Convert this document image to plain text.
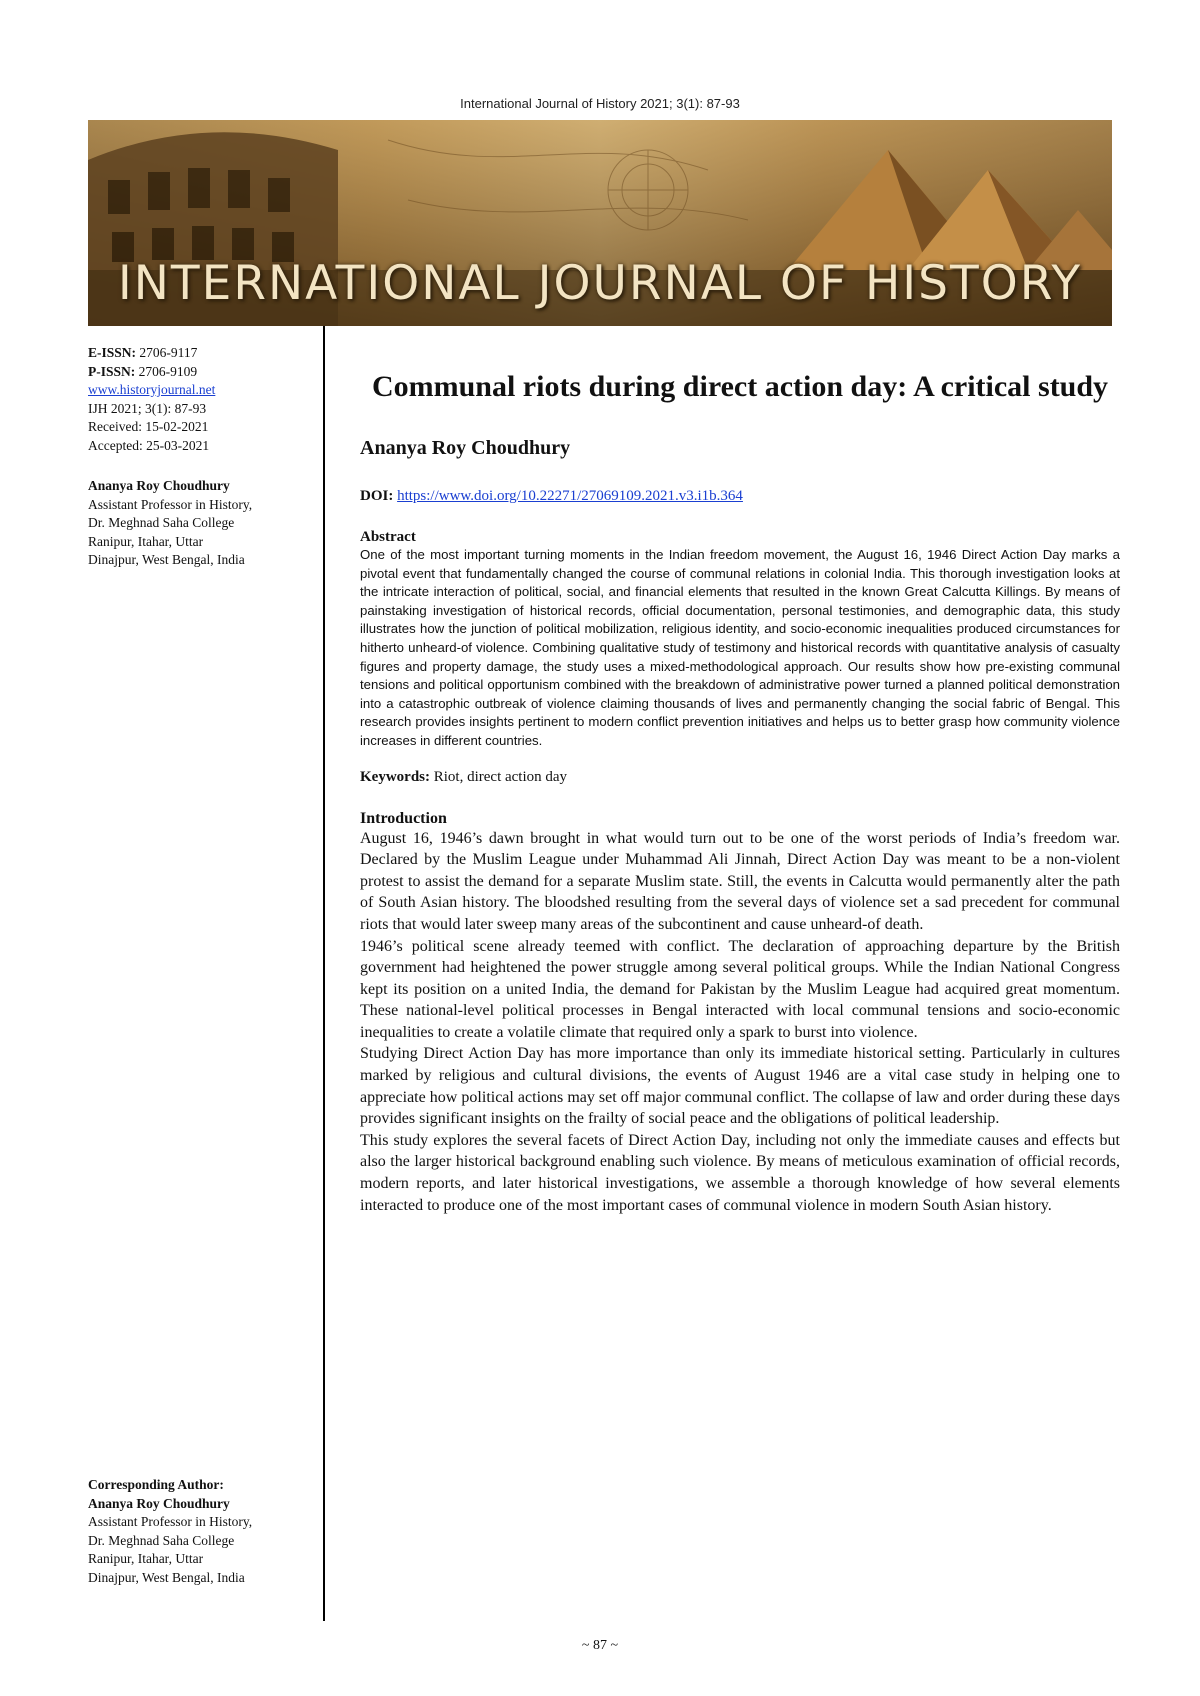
International Journal of History 2021; 3(1): 87-93
INTERNATIONAL JOURNAL OF HISTORY
E-ISSN: 2706-9117
P-ISSN: 2706-9109
www.historyjournal.net
IJH 2021; 3(1): 87-93
Received: 15-02-2021
Accepted: 25-03-2021
Ananya Roy Choudhury
Assistant Professor in History,
Dr. Meghnad Saha College
Ranipur, Itahar, Uttar
Dinajpur, West Bengal, India
Corresponding Author:
Ananya Roy Choudhury
Assistant Professor in History,
Dr. Meghnad Saha College
Ranipur, Itahar, Uttar
Dinajpur, West Bengal, India
Communal riots during direct action day: A critical study
Ananya Roy Choudhury
DOI: https://www.doi.org/10.22271/27069109.2021.v3.i1b.364
Abstract

One of the most important turning moments in the Indian freedom movement, the August 16, 1946 Direct Action Day marks a pivotal event that fundamentally changed the course of communal relations in colonial India. This thorough investigation looks at the intricate interaction of political, social, and financial elements that resulted in the known Great Calcutta Killings. By means of painstaking investigation of historical records, official documentation, personal testimonies, and demographic data, this study illustrates how the junction of political mobilization, religious identity, and socio-economic inequalities produced circumstances for hitherto unheard-of violence. Combining qualitative study of testimony and historical records with quantitative analysis of casualty figures and property damage, the study uses a mixed-methodological approach. Our results show how pre-existing communal tensions and political opportunism combined with the breakdown of administrative power turned a planned political demonstration into a catastrophic outbreak of violence claiming thousands of lives and permanently changing the social fabric of Bengal. This research provides insights pertinent to modern conflict prevention initiatives and helps us to better grasp how community violence increases in different countries.

Keywords: Riot, direct action day
Introduction

August 16, 1946’s dawn brought in what would turn out to be one of the worst periods of India’s freedom war. Declared by the Muslim League under Muhammad Ali Jinnah, Direct Action Day was meant to be a non-violent protest to assist the demand for a separate Muslim state. Still, the events in Calcutta would permanently alter the path of South Asian history. The bloodshed resulting from the several days of violence set a sad precedent for communal riots that would later sweep many areas of the subcontinent and cause unheard-of death.

1946’s political scene already teemed with conflict. The declaration of approaching departure by the British government had heightened the power struggle among several political groups. While the Indian National Congress kept its position on a united India, the demand for Pakistan by the Muslim League had acquired great momentum. These national-level political processes in Bengal interacted with local communal tensions and socio-economic inequalities to create a volatile climate that required only a spark to burst into violence.

Studying Direct Action Day has more importance than only its immediate historical setting. Particularly in cultures marked by religious and cultural divisions, the events of August 1946 are a vital case study in helping one to appreciate how political actions may set off major communal conflict. The collapse of law and order during these days provides significant insights on the frailty of social peace and the obligations of political leadership.

This study explores the several facets of Direct Action Day, including not only the immediate causes and effects but also the larger historical background enabling such violence. By means of meticulous examination of official records, modern reports, and later historical investigations, we assemble a thorough knowledge of how several elements interacted to produce one of the most important cases of communal violence in modern South Asian history.

~ 87 ~
